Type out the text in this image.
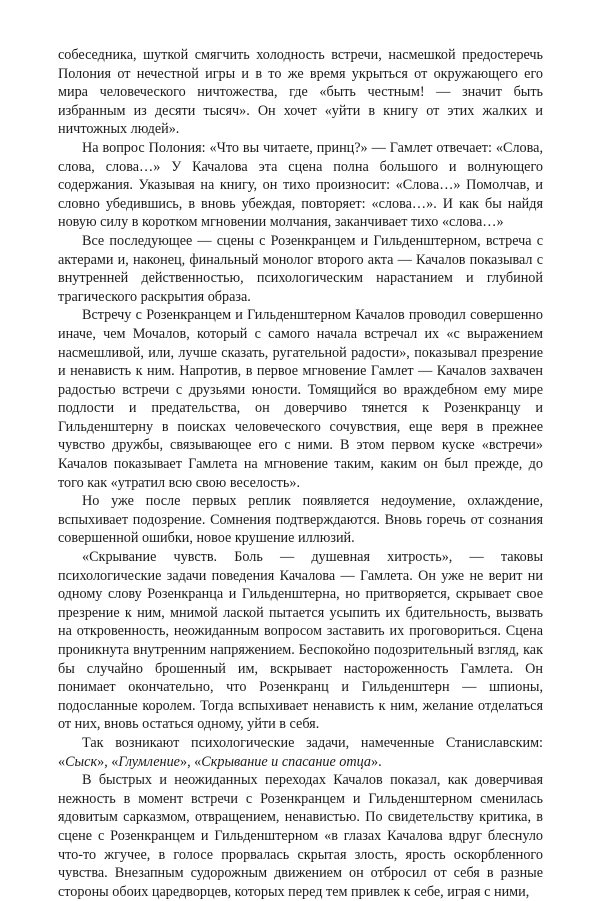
собеседника, шуткой смягчить холодность встречи, насмешкой предостеречь Полония от нечестной игры и в то же время укрыться от окружающего его мира человеческого ничтожества, где «быть честным! — значит быть избранным из десяти тысяч». Он хочет «уйти в книгу от этих жалких и ничтожных людей».

На вопрос Полония: «Что вы читаете, принц?» — Гамлет отвечает: «Слова, слова, слова…» У Качалова эта сцена полна большого и волнующего содержания. Указывая на книгу, он тихо произносит: «Слова…» Помолчав, и словно убедившись, в вновь убеждая, повторяет: «слова…». И как бы найдя новую силу в коротком мгновении молчания, заканчивает тихо «слова…»

Все последующее — сцены с Розенкранцем и Гильденштерном, встреча с актерами и, наконец, финальный монолог второго акта — Качалов показывал с внутренней действенностью, психологическим нарастанием и глубиной трагического раскрытия образа.

Встречу с Розенкранцем и Гильденштерном Качалов проводил совершенно иначе, чем Мочалов, который с самого начала встречал их «с выражением насмешливой, или, лучше сказать, ругательной радости», показывал презрение и ненависть к ним. Напротив, в первое мгновение Гамлет — Качалов захвачен радостью встречи с друзьями юности. Томящийся во враждебном ему мире подлости и предательства, он доверчиво тянется к Розенкранцу и Гильденштерну в поисках человеческого сочувствия, еще веря в прежнее чувство дружбы, связывающее его с ними. В этом первом куске «встречи» Качалов показывает Гамлета на мгновение таким, каким он был прежде, до того как «утратил всю свою веселость».

Но уже после первых реплик появляется недоумение, охлаждение, вспыхивает подозрение. Сомнения подтверждаются. Вновь горечь от сознания совершенной ошибки, новое крушение иллюзий.

«Скрывание чувств. Боль — душевная хитрость», — таковы психологические задачи поведения Качалова — Гамлета. Он уже не верит ни одному слову Розенкранца и Гильденштерна, но притворяется, скрывает свое презрение к ним, мнимой лаской пытается усыпить их бдительность, вызвать на откровенность, неожиданным вопросом заставить их проговориться. Сцена проникнута внутренним напряжением. Беспокойно подозрительный взгляд, как бы случайно брошенный им, вскрывает настороженность Гамлета. Он понимает окончательно, что Розенкранц и Гильденштерн — шпионы, подосланные королем. Тогда вспыхивает ненависть к ним, желание отделаться от них, вновь остаться одному, уйти в себя.

Так возникают психологические задачи, намеченные Станиславским: «Сыск», «Глумление», «Скрывание и спасание отца».

В быстрых и неожиданных переходах Качалов показал, как доверчивая нежность в момент встречи с Розенкранцем и Гильденштерном сменилась ядовитым сарказмом, отвращением, ненавистью. По свидетельству критика, в сцене с Розенкранцем и Гильденштерном «в глазах Качалова вдруг блеснуло что-то жгучее, в голосе прорвалась скрытая злость, ярость оскорбленного чувства. Внезапным судорожным движением он отбросил от себя в разные стороны обоих царедворцев, которых перед тем привлек к себе, играя с ними,
